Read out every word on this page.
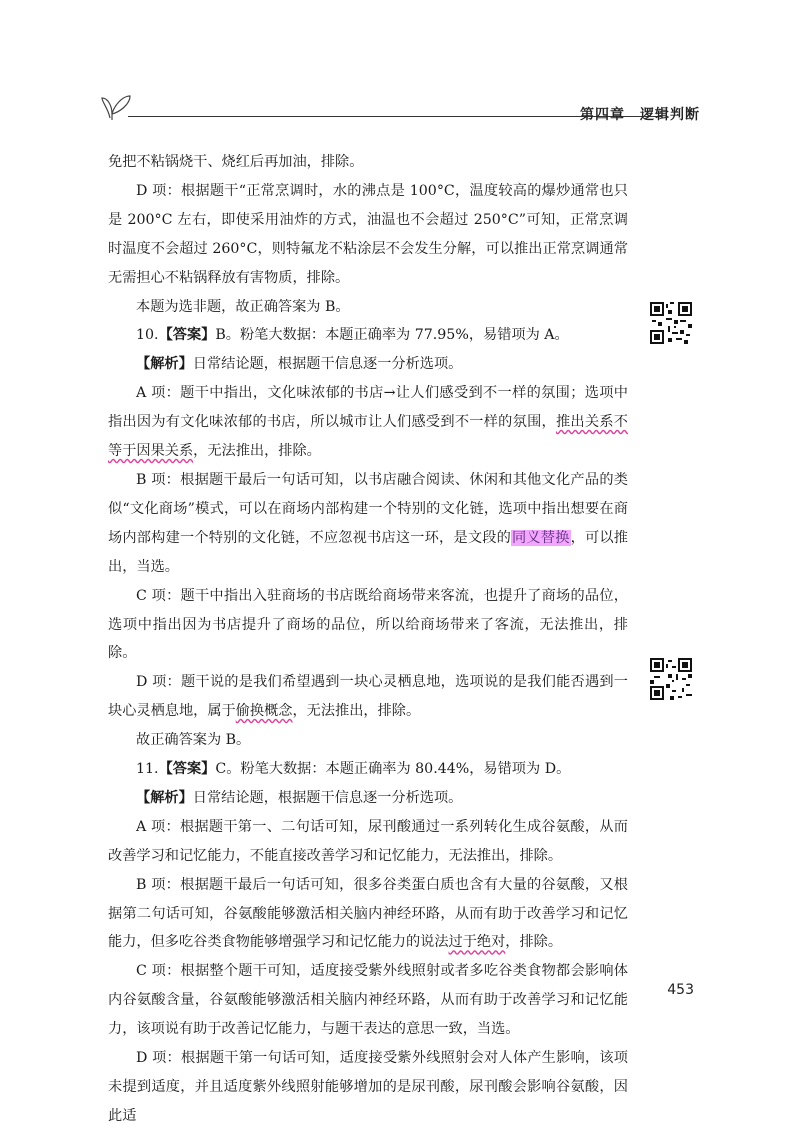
第四章　逻辑判断

免把不粘锅烧干、烧红后再加油，排除。

D 项：根据题干“正常烹调时，水的沸点是 100°C，温度较高的爆炒通常也只是 200°C 左右，即使采用油炸的方式，油温也不会超过 250°C”可知，正常烹调时温度不会超过 260°C，则特氟龙不粘涂层不会发生分解，可以推出正常烹调通常无需担心不粘锅释放有害物质，排除。

本题为选非题，故正确答案为 B。

10.【答案】B。粉笔大数据：本题正确率为 77.95%，易错项为 A。

【解析】日常结论题，根据题干信息逐一分析选项。

A 项：题干中指出，文化味浓郁的书店→让人们感受到不一样的氛围；选项中指出因为有文化味浓郁的书店，所以城市让人们感受到不一样的氛围，推出关系不等于因果关系，无法推出，排除。

B 项：根据题干最后一句话可知，以书店融合阅读、休闲和其他文化产品的类似“文化商场”模式，可以在商场内部构建一个特别的文化链，选项中指出想要在商场内部构建一个特别的文化链，不应忽视书店这一环，是文段的同义替换，可以推出，当选。

C 项：题干中指出入驻商场的书店既给商场带来客流，也提升了商场的品位，选项中指出因为书店提升了商场的品位，所以给商场带来了客流，无法推出，排除。

D 项：题干说的是我们希望遇到一块心灵栖息地，选项说的是我们能否遇到一块心灵栖息地，属于偷换概念，无法推出，排除。

故正确答案为 B。

11.【答案】C。粉笔大数据：本题正确率为 80.44%，易错项为 D。

【解析】日常结论题，根据题干信息逐一分析选项。

A 项：根据题干第一、二句话可知，尿刊酸通过一系列转化生成谷氨酸，从而改善学习和记忆能力，不能直接改善学习和记忆能力，无法推出，排除。

B 项：根据题干最后一句话可知，很多谷类蛋白质也含有大量的谷氨酸，又根据第二句话可知，谷氨酸能够激活相关脑内神经环路，从而有助于改善学习和记忆能力，但多吃谷类食物能够增强学习和记忆能力的说法过于绝对，排除。

C 项：根据整个题干可知，适度接受紫外线照射或者多吃谷类食物都会影响体内谷氨酸含量，谷氨酸能够激活相关脑内神经环路，从而有助于改善学习和记忆能力，该项说有助于改善记忆能力，与题干表达的意思一致，当选。

D 项：根据题干第一句话可知，适度接受紫外线照射会对人体产生影响，该项未提到适度，并且适度紫外线照射能够增加的是尿刊酸，尿刊酸会影响谷氨酸，因此适

453
